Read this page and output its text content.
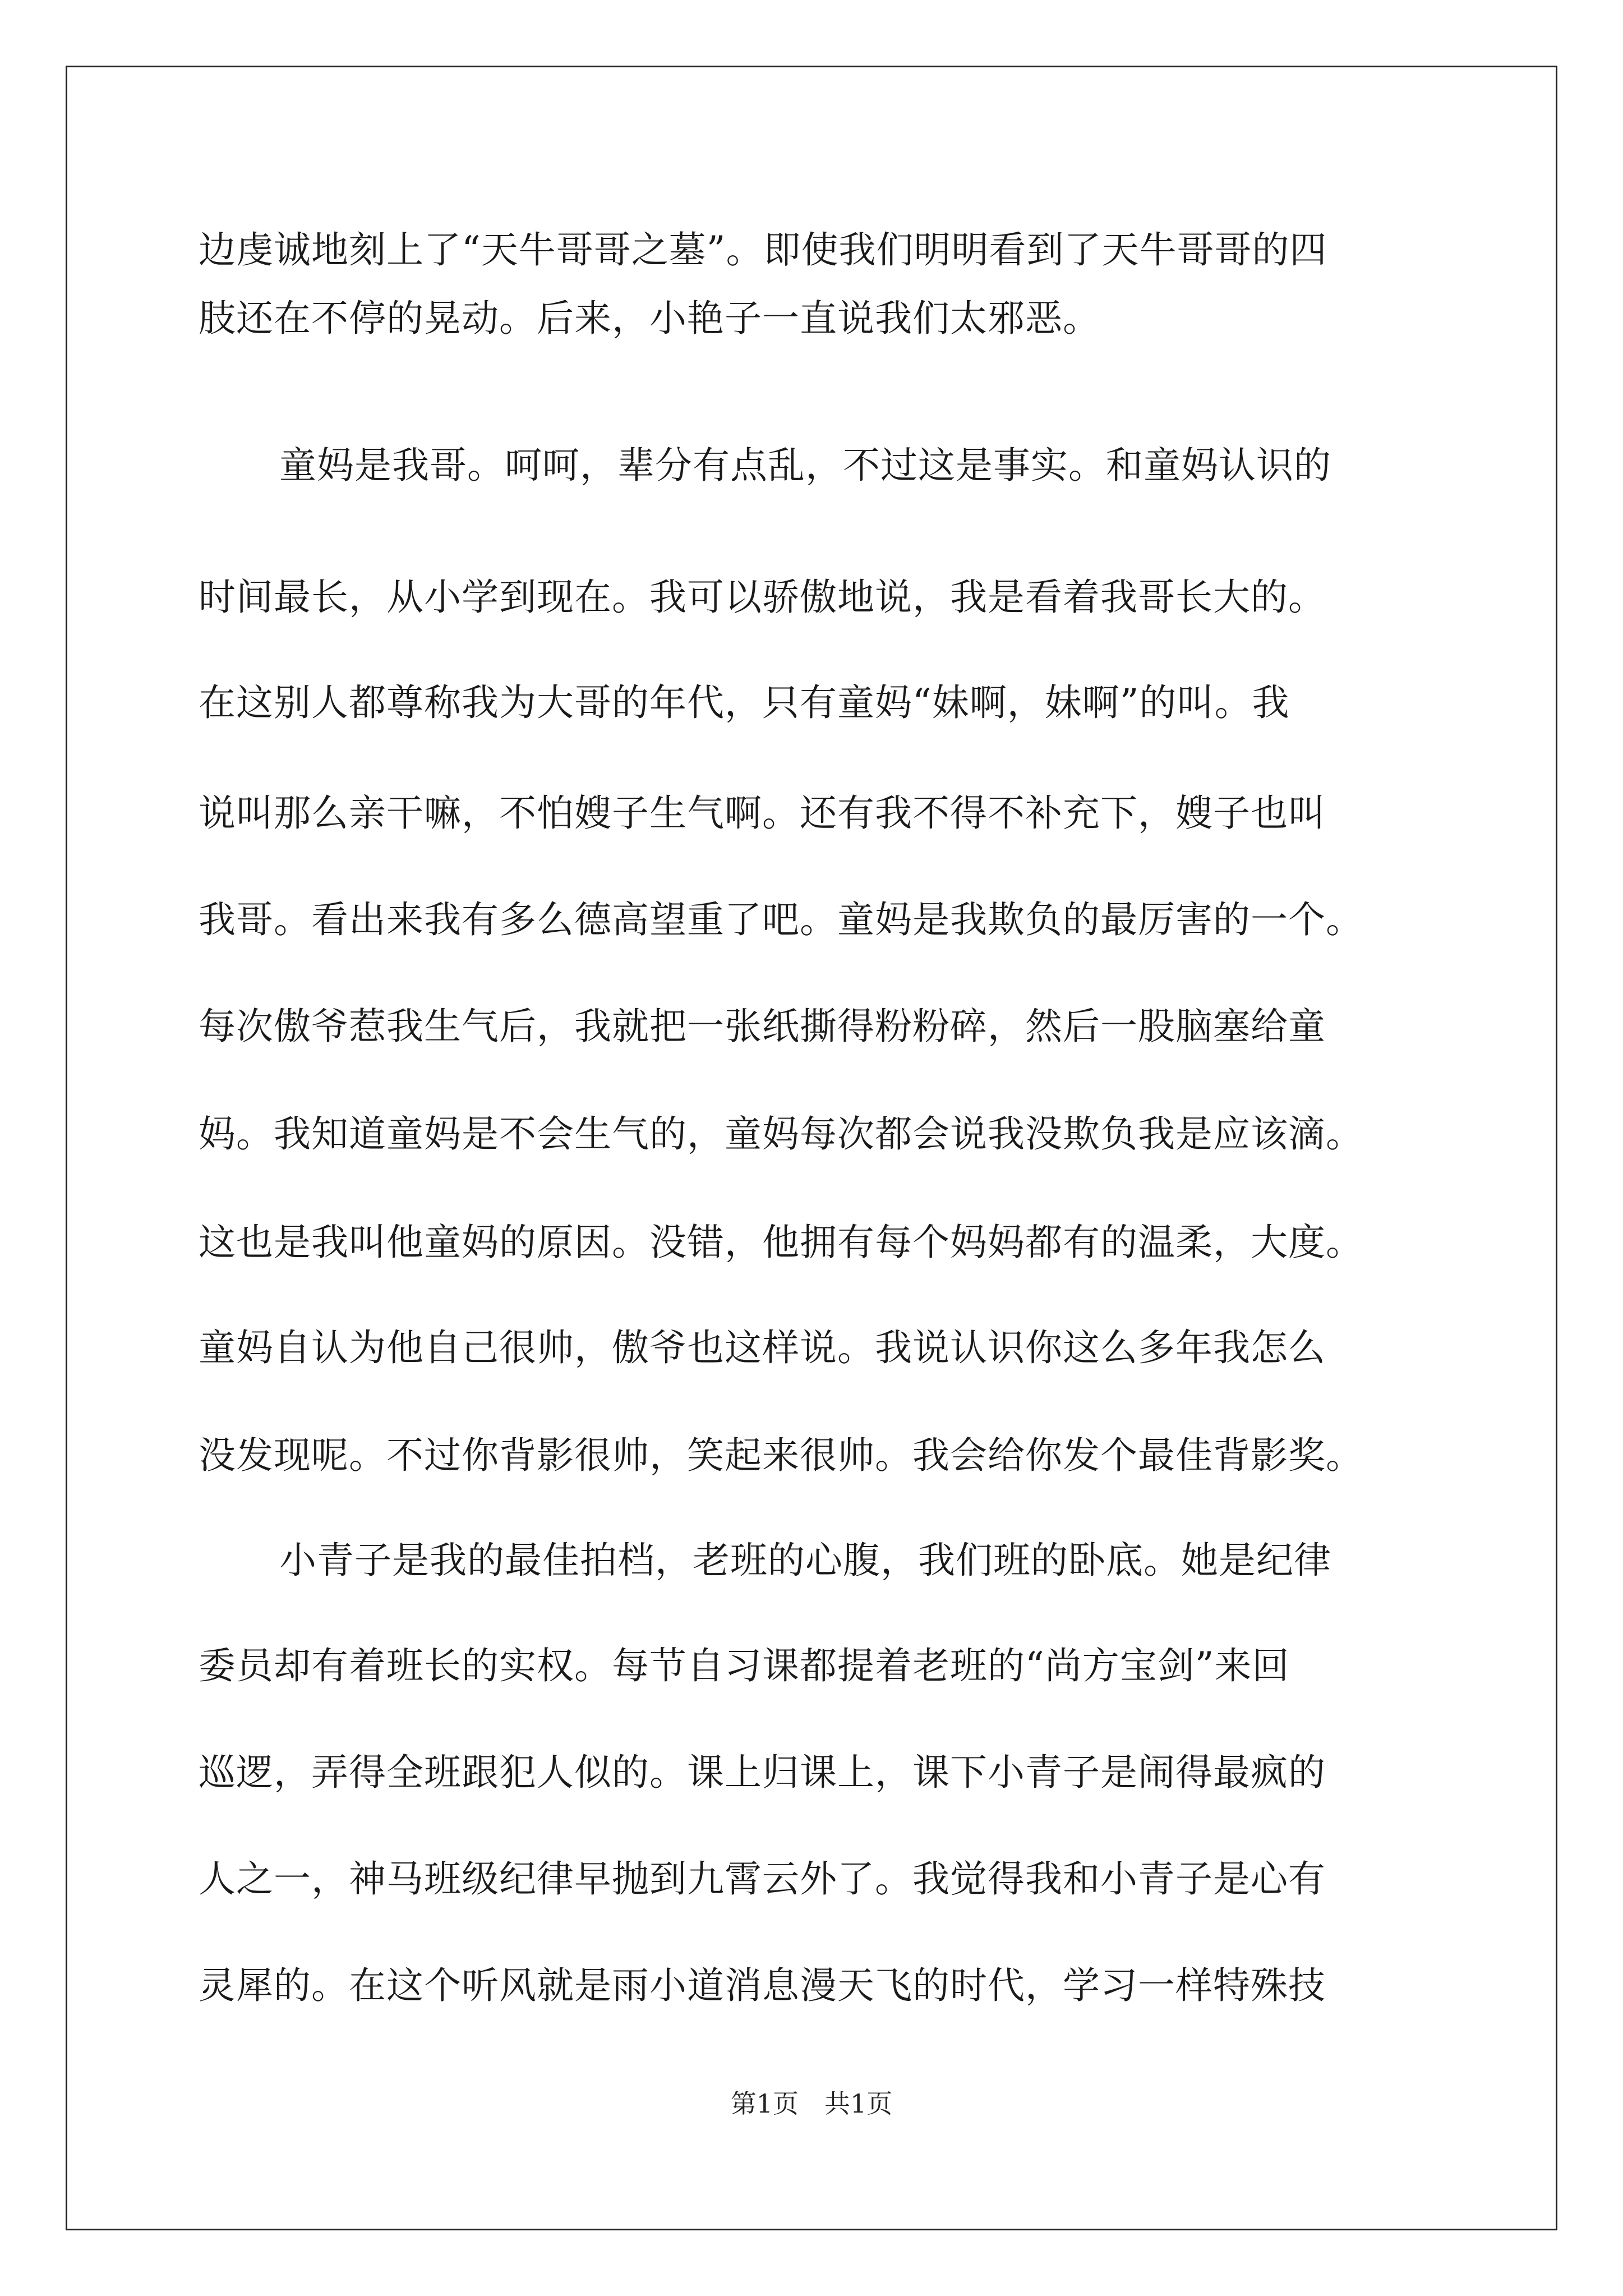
边虔诚地刻上了“天牛哥哥之墓”。即使我们明明看到了天牛哥哥的四
肢还在不停的晃动。后来，小艳子一直说我们太邪恶。
童妈是我哥。呵呵，辈分有点乱，不过这是事实。和童妈认识的
时间最长，从小学到现在。我可以骄傲地说，我是看着我哥长大的。
在这别人都尊称我为大哥的年代，只有童妈“妹啊，妹啊”的叫。我
说叫那么亲干嘛，不怕嫂子生气啊。还有我不得不补充下，嫂子也叫
我哥。看出来我有多么德高望重了吧。童妈是我欺负的最厉害的一个。
每次傲爷惹我生气后，我就把一张纸撕得粉粉碎，然后一股脑塞给童
妈。我知道童妈是不会生气的，童妈每次都会说我没欺负我是应该滴。
这也是我叫他童妈的原因。没错，他拥有每个妈妈都有的温柔，大度。
童妈自认为他自己很帅，傲爷也这样说。我说认识你这么多年我怎么
没发现呢。不过你背影很帅，笑起来很帅。我会给你发个最佳背影奖。
小青子是我的最佳拍档，老班的心腹，我们班的卧底。她是纪律
委员却有着班长的实权。每节自习课都提着老班的“尚方宝剑”来回
巡逻，弄得全班跟犯人似的。课上归课上，课下小青子是闹得最疯的
人之一，神马班级纪律早抛到九霄云外了。我觉得我和小青子是心有
灵犀的。在这个听风就是雨小道消息漫天飞的时代，学习一样特殊技
第1页　共1页
